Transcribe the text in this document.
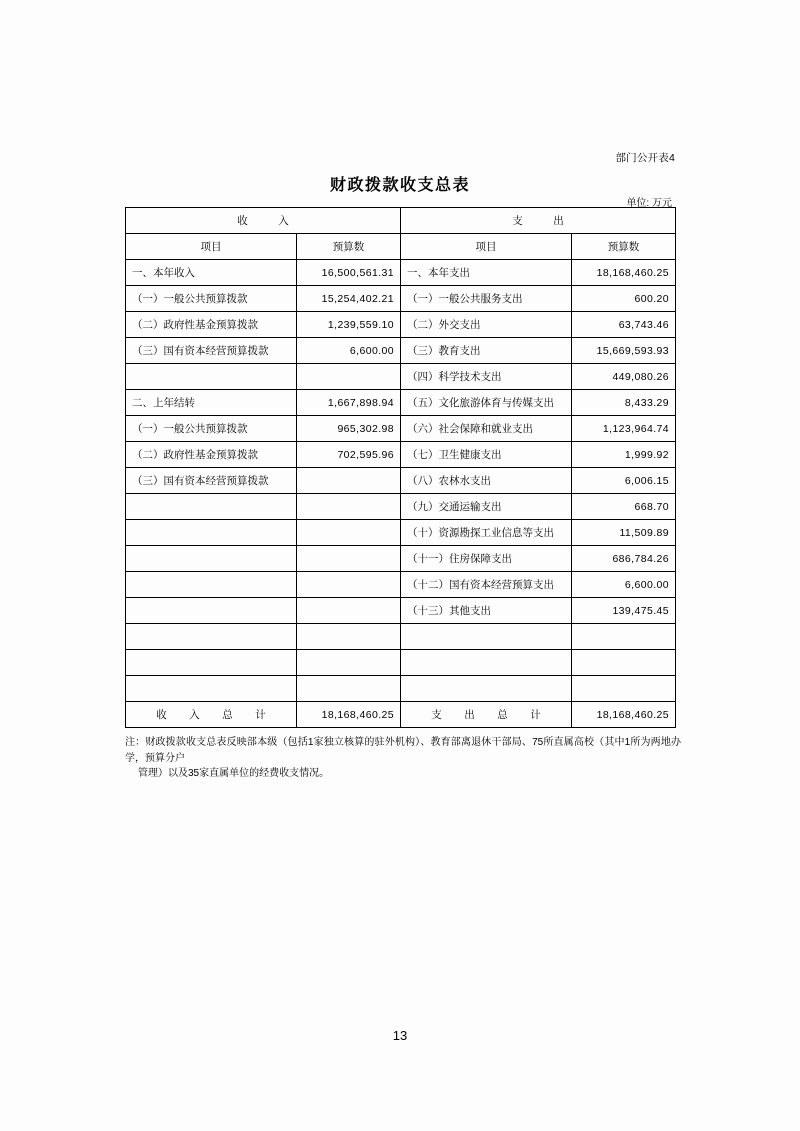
部门公开表4
财政拨款收支总表
单位: 万元
收　入		支　出	
项目	预算数	项目	预算数
一、本年收入	16,500,561.31	一、本年支出	18,168,460.25
（一）一般公共预算拨款	15,254,402.21	（一）一般公共服务支出	600.20
（二）政府性基金预算拨款	1,239,559.10	（二）外交支出	63,743.46
（三）国有资本经营预算拨款	6,600.00	（三）教育支出	15,669,593.93
		（四）科学技术支出	449,080.26
二、上年结转	1,667,898.94	（五）文化旅游体育与传媒支出	8,433.29
（一）一般公共预算拨款	965,302.98	（六）社会保障和就业支出	1,123,964.74
（二）政府性基金预算拨款	702,595.96	（七）卫生健康支出	1,999.92
（三）国有资本经营预算拨款		（八）农林水支出	6,006.15
		（九）交通运输支出	668.70
		（十）资源勘探工业信息等支出	11,509.89
		（十一）住房保障支出	686,784.26
		（十二）国有资本经营预算支出	6,600.00
		（十三）其他支出	139,475.45

收　入　总　计	18,168,460.25	支　出　总　计	18,168,460.25
注：财政拨款收支总表反映部本级（包括1家独立核算的驻外机构）、教育部离退休干部局、75所直属高校（其中1所为两地办学，预算分户
管理）以及35家直属单位的经费收支情况。
13
